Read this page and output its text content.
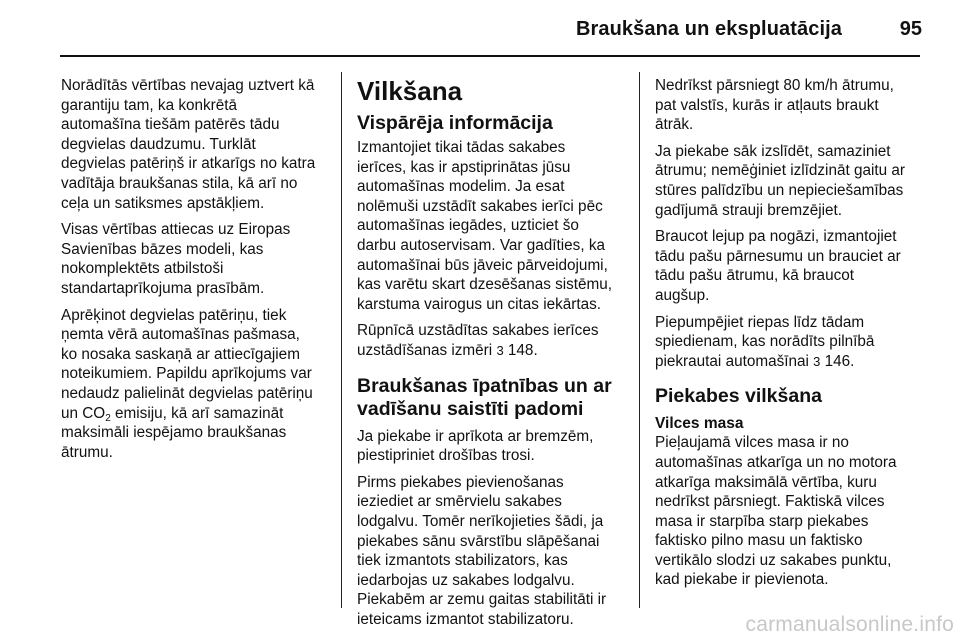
Braukšana un ekspluatācija	95

Norādītās vērtības nevajag uztvert kā
garantiju tam, ka konkrētā
automašīna tiešām patērēs tādu
degvielas daudzumu. Turklāt
degvielas patēriņš ir atkarīgs no katra
vadītāja braukšanas stila, kā arī no
ceļa un satiksmes apstākļiem.

Visas vērtības attiecas uz Eiropas
Savienības bāzes modeli, kas
nokomplektēts atbilstoši
standartaprīkojuma prasībām.

Aprēķinot degvielas patēriņu, tiek
ņemta vērā automašīnas pašmasa,
ko nosaka saskaņā ar attiecīgajiem
noteikumiem. Papildu aprīkojums var
nedaudz palielināt degvielas patēriņu
un $CO_2$ emisiju, kā arī samazināt
maksimāli iespējamo braukšanas
ātrumu.

Vilkšana
Vispārēja informācija

Izmantojiet tikai tādas sakabes
ierīces, kas ir apstiprinātas jūsu
automašīnas modelim. Ja esat
nolēmuši uzstādīt sakabes ierīci pēc
automašīnas iegādes, uzticiet šo
darbu autoservisam. Var gadīties, ka
automašīnai būs jāveic pārveidojumi,
kas varētu skart dzesēšanas sistēmu,
karstuma vairogus un citas iekārtas.

Rūpnīcā uzstādītas sakabes ierīces
uzstādīšanas izmēri 3 148.

Braukšanas īpatnības un ar
vadīšanu saistīti padomi

Ja piekabe ir aprīkota ar bremzēm,
piestipriniet drošības trosi.

Pirms piekabes pievienošanas
ieziediet ar smērvielu sakabes
lodgalvu. Tomēr nerīkojieties šādi, ja
piekabes sānu svārstību slāpēšanai
tiek izmantots stabilizators, kas
iedarbojas uz sakabes lodgalvu.
Piekabēm ar zemu gaitas stabilitāti ir
ieteicams izmantot stabilizatoru.

Nedrīkst pārsniegt 80 km/h ātrumu,
pat valstīs, kurās ir atļauts braukt
ātrāk.

Ja piekabe sāk izslīdēt, samaziniet
ātrumu; nemēģiniet izlīdzināt gaitu ar
stūres palīdzību un nepieciešamības
gadījumā strauji bremzējiet.

Braucot lejup pa nogāzi, izmantojiet
tādu pašu pārnesumu un brauciet ar
tādu pašu ātrumu, kā braucot
augšup.

Piepumpējiet riepas līdz tādam
spiedienam, kas norādīts pilnībā
piekrautai automašīnai 3 146.

Piekabes vilkšana
Vilces masa

Pieļaujamā vilces masa ir no
automašīnas atkarīga un no motora
atkarīga maksimālā vērtība, kuru
nedrīkst pārsniegt. Faktiskā vilces
masa ir starpība starp piekabes
faktisko pilno masu un faktisko
vertikālo slodzi uz sakabes punktu,
kad piekabe ir pievienota.

carmanualsonline.info
